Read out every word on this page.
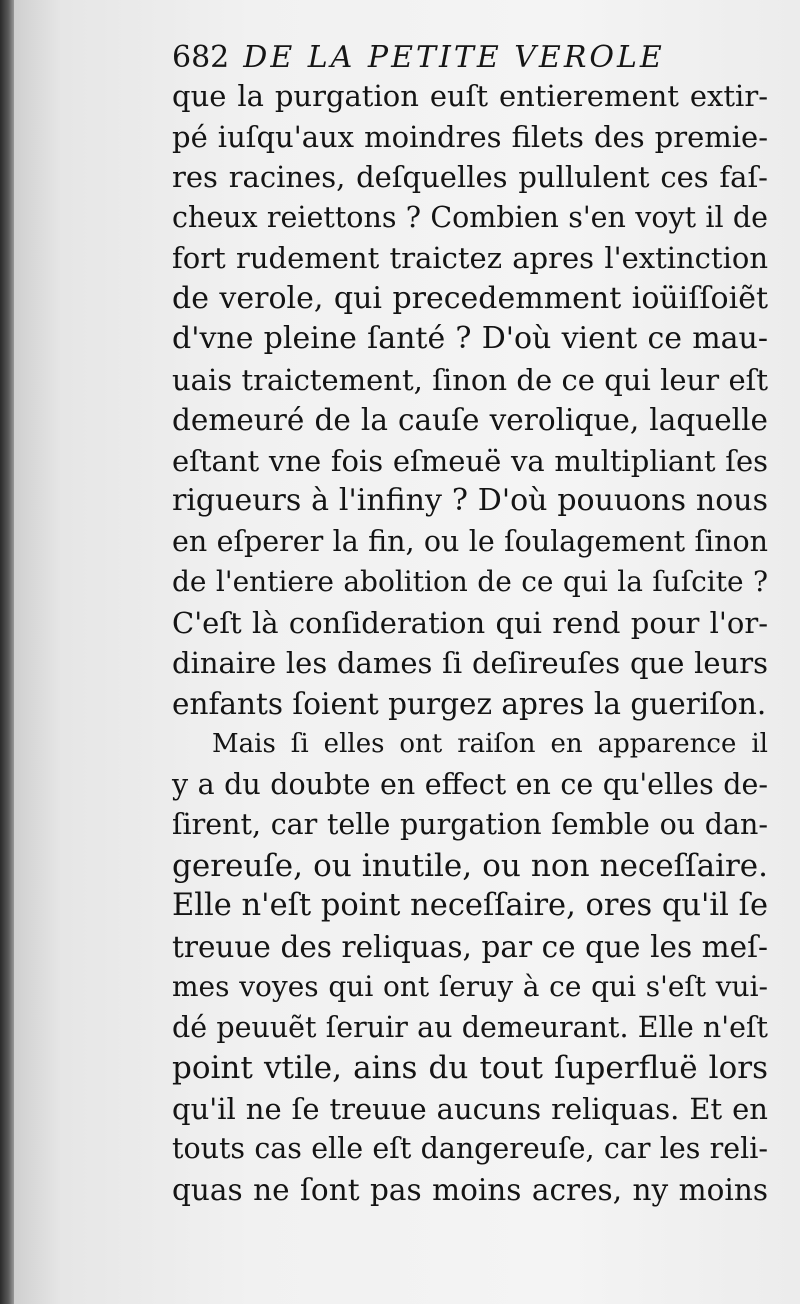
682 DE LA PETITE VEROLE
que la purgation euſt entierement extir-
pé iuſqu'aux moindres filets des premie-
res racines, deſquelles pullulent ces faſ-
cheux reiettons ? Combien s'en voyt il de
fort rudement traictez apres l'extinction
de verole, qui precedemment ioüiſſoiẽt
d'vne pleine ſanté ? D'où vient ce mau-
uais traictement, ſinon de ce qui leur eſt
demeuré de la cauſe verolique, laquelle
eſtant vne fois eſmeuë va multipliant ſes
rigueurs à l'infiny ? D'où pouuons nous
en eſperer la fin, ou le ſoulagement ſinon
de l'entiere abolition de ce qui la ſuſcite ?
C'eſt là conſideration qui rend pour l'or-
dinaire les dames ſi deſireuſes que leurs
enfants ſoient purgez apres la gueriſon.
Mais ſi elles ont raiſon en apparence il
y a du doubte en effect en ce qu'elles de-
ſirent, car telle purgation ſemble ou dan-
gereuſe, ou inutile, ou non neceſſaire.
Elle n'eſt point neceſſaire, ores qu'il ſe
treuue des reliquas, par ce que les meſ-
mes voyes qui ont ſeruy à ce qui s'eſt vui-
dé peuuẽt ſeruir au demeurant. Elle n'eſt
point vtile, ains du tout ſuperfluë lors
qu'il ne ſe treuue aucuns reliquas. Et en
touts cas elle eſt dangereuſe, car les reli-
quas ne ſont pas moins acres, ny moins
